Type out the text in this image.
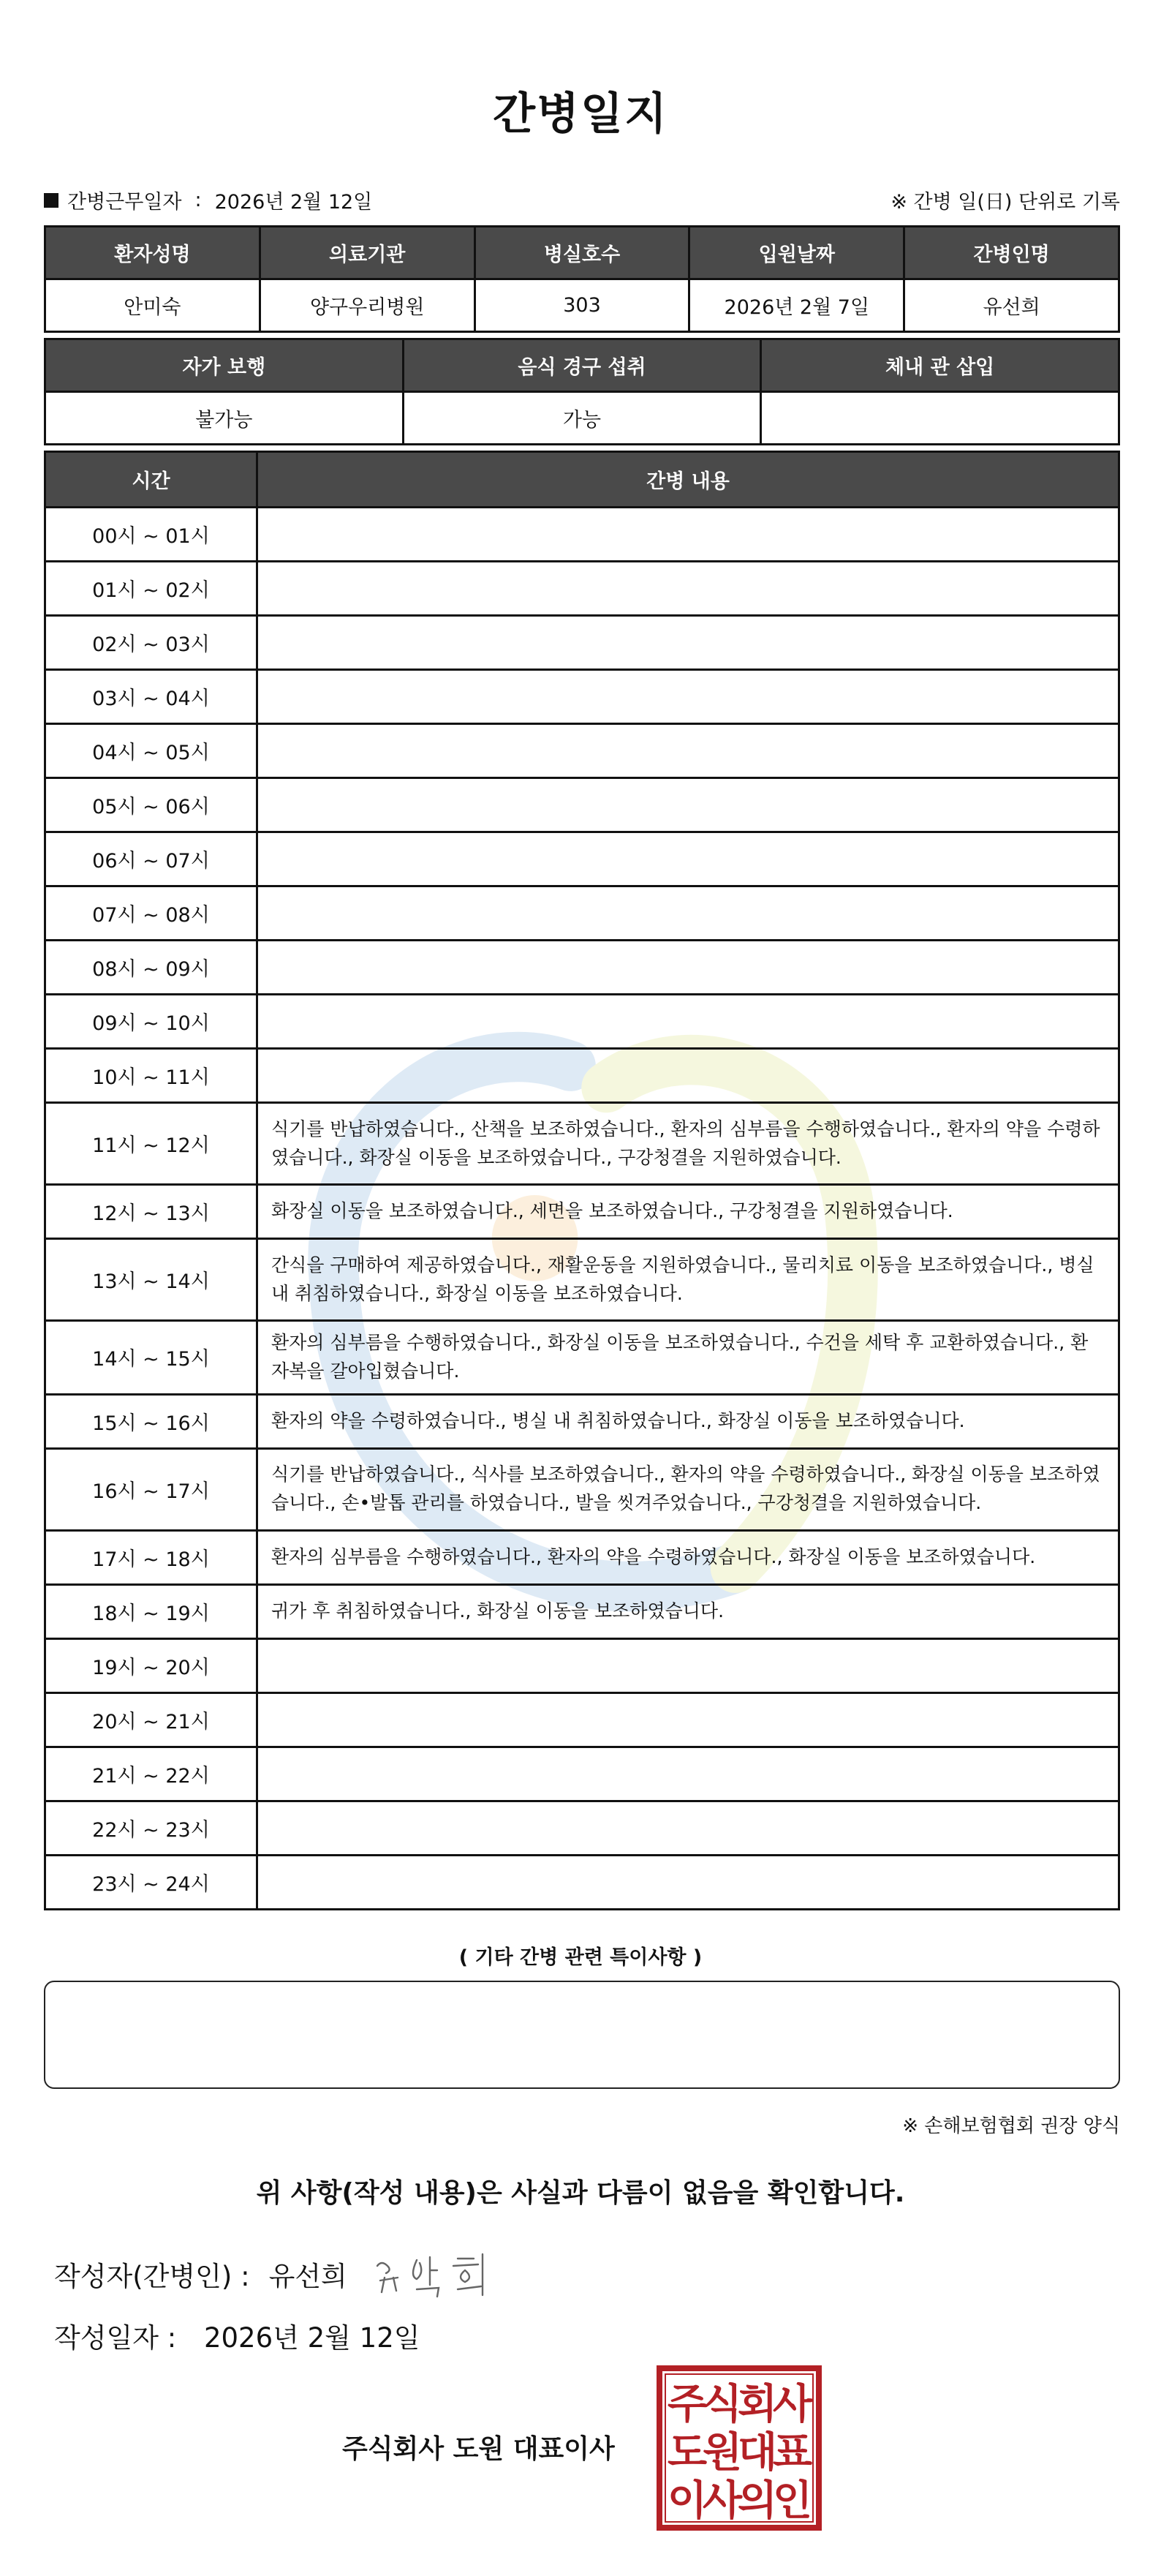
간병일지
간병근무일자 : 2026년 2월 12일	※ 간병 일(日) 단위로 기록
환자성명	의료기관	병실호수	입원날짜	간병인명
안미숙	양구우리병원	303	2026년 2월 7일	유선희
자가 보행	음식 경구 섭취	체내 관 삽입
불가능	가능	
시간	간병 내용
00시 ~ 01시	
01시 ~ 02시	
02시 ~ 03시	
03시 ~ 04시	
04시 ~ 05시	
05시 ~ 06시	
06시 ~ 07시	
07시 ~ 08시	
08시 ~ 09시	
09시 ~ 10시	
10시 ~ 11시	
11시 ~ 12시	식기를 반납하였습니다., 산책을 보조하였습니다., 환자의 심부름을 수행하였습니다., 환자의 약을 수령하였습니다., 화장실 이동을 보조하였습니다., 구강청결을 지원하였습니다.
12시 ~ 13시	화장실 이동을 보조하였습니다., 세면을 보조하였습니다., 구강청결을 지원하였습니다.
13시 ~ 14시	간식을 구매하여 제공하였습니다., 재활운동을 지원하였습니다., 물리치료 이동을 보조하였습니다., 병실 내 취침하였습니다., 화장실 이동을 보조하였습니다.
14시 ~ 15시	환자의 심부름을 수행하였습니다., 화장실 이동을 보조하였습니다., 수건을 세탁 후 교환하였습니다., 환자복을 갈아입혔습니다.
15시 ~ 16시	환자의 약을 수령하였습니다., 병실 내 취침하였습니다., 화장실 이동을 보조하였습니다.
16시 ~ 17시	식기를 반납하였습니다., 식사를 보조하였습니다., 환자의 약을 수령하였습니다., 화장실 이동을 보조하였습니다., 손•발톱 관리를 하였습니다., 발을 씻겨주었습니다., 구강청결을 지원하였습니다.
17시 ~ 18시	환자의 심부름을 수행하였습니다., 환자의 약을 수령하였습니다., 화장실 이동을 보조하였습니다.
18시 ~ 19시	귀가 후 취침하였습니다., 화장실 이동을 보조하였습니다.
19시 ~ 20시	
20시 ~ 21시	
21시 ~ 22시	
22시 ~ 23시	
23시 ~ 24시	
( 기타 간병 관련 특이사항 )
※ 손해보험협회 권장 양식
위 사항(작성 내용)은 사실과 다름이 없음을 확인합니다.
작성자(간병인) : 유선희
작성일자 : 2026년 2월 12일
주식회사 도원 대표이사
주
식
회
사
도
원
대
표
이
사
의
인
